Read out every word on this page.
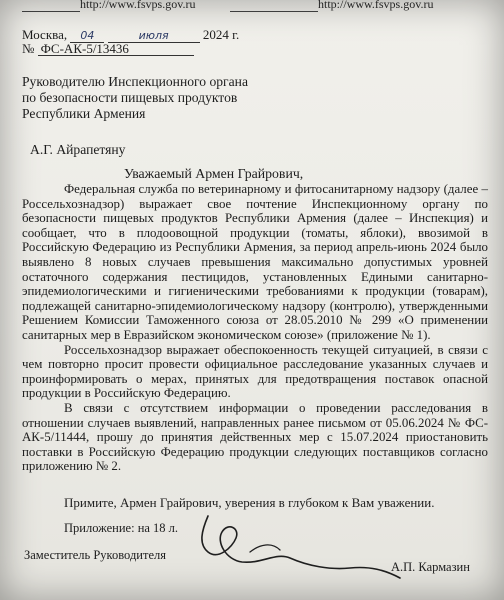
http://www.fsvps.gov.ru	http://www.fsvps.gov.ru
Москва, 04	июля	2024 г.
№ ФС-АК-5/13436
Руководителю Инспекционного органа
по безопасности пищевых продуктов
Республики Армения
А.Г. Айрапетяну
Уважаемый Армен Грайрович,

Федеральная служба по ветеринарному и фитосанитарному надзору (далее – Россельхознадзор) выражает свое почтение Инспекционному органу по безопасности пищевых продуктов Республики Армения (далее – Инспекция) и сообщает, что в плодоовощной продукции (томаты, яблоки), ввозимой в Российскую Федерацию из Республики Армения, за период апрель-июнь 2024 было выявлено 8 новых случаев превышения максимально допустимых уровней остаточного содержания пестицидов, установленных Едиными санитарно-эпидемиологическими и гигиеническими требованиями к продукции (товарам), подлежащей санитарно-эпидемиологическому надзору (контролю), утвержденными Решением Комиссии Таможенного союза от 28.05.2010 № 299 «О применении санитарных мер в Евразийском экономическом союзе» (приложение № 1).

Россельхознадзор выражает обеспокоенность текущей ситуацией, в связи с чем повторно просит провести официальное расследование указанных случаев и проинформировать о мерах, принятых для предотвращения поставок опасной продукции в Российскую Федерацию.

В связи с отсутствием информации о проведении расследования в отношении случаев выявлений, направленных ранее письмом от 05.06.2024 № ФС-АК-5/11444, прошу до принятия действенных мер с 15.07.2024 приостановить поставки в Российскую Федерацию продукции следующих поставщиков согласно приложению № 2.

Примите, Армен Грайрович, уверения в глубоком к Вам уважении.
Приложение: на 18 л.
Заместитель Руководителя
А.П. Кармазин
